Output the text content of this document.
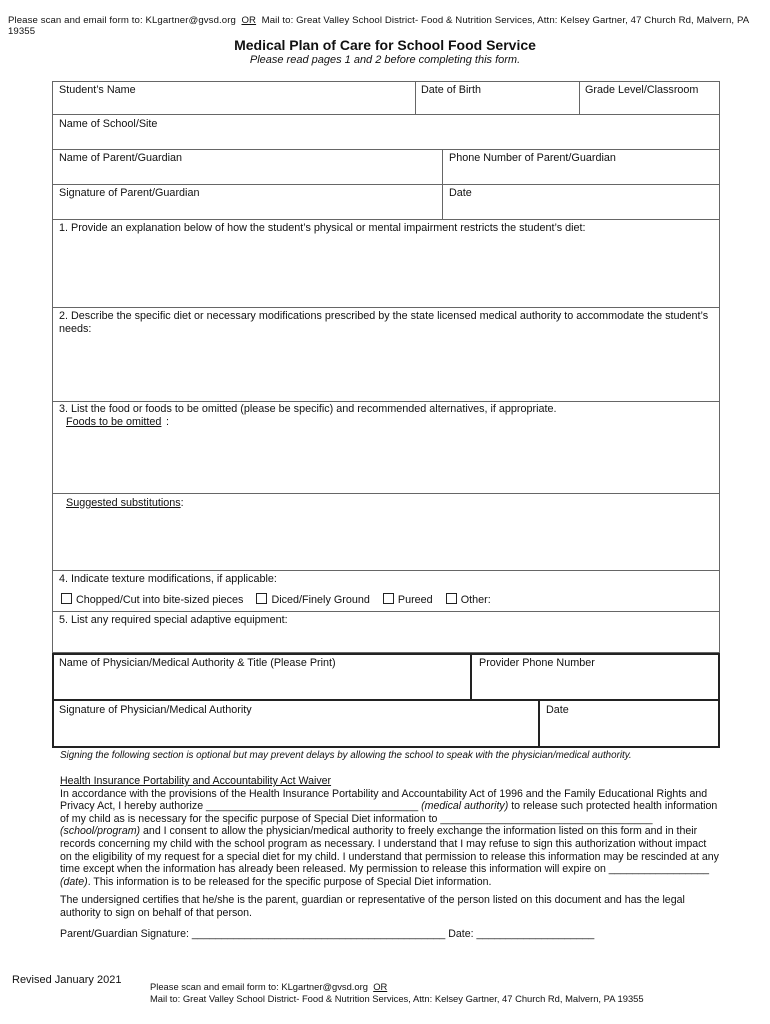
Please scan and email form to: KLgartner@gvsd.org OR Mail to: Great Valley School District- Food & Nutrition Services, Attn: Kelsey Gartner, 47 Church Rd, Malvern, PA 19355
Medical Plan of Care for School Food Service
Please read pages 1 and 2 before completing this form.
Student’s Name	Date of Birth	Grade Level/Classroom
Name of School/Site
Name of Parent/Guardian	Phone Number of Parent/Guardian
Signature of Parent/Guardian	Date
1. Provide an explanation below of how the student’s physical or mental impairment restricts the student’s diet:
2. Describe the specific diet or necessary modifications prescribed by the state licensed medical authority to accommodate the student’s needs:
3. List the food or foods to be omitted (please be specific) and recommended alternatives, if appropriate.
Foods to be omitted :
Suggested substitutions:
4. Indicate texture modifications, if applicable:
Chopped/Cut into bite-sized pieces	Diced/Finely Ground	Pureed	Other:
5. List any required special adaptive equipment:
Name of Physician/Medical Authority & Title (Please Print)	Provider Phone Number
Signature of Physician/Medical Authority	Date
Signing the following section is optional but may prevent delays by allowing the school to speak with the physician/medical authority.

Health Insurance Portability and Accountability Act Waiver

In accordance with the provisions of the Health Insurance Portability and Accountability Act of 1996 and the Family Educational Rights and Privacy Act, I hereby authorize ____________________________________ (medical authority) to release such protected health information of my child as is necessary for the specific purpose of Special Diet information to ____________________________________ (school/program) and I consent to allow the physician/medical authority to freely exchange the information listed on this form and in their records concerning my child with the school program as necessary. I understand that I may refuse to sign this authorization without impact on the eligibility of my request for a special diet for my child. I understand that permission to release this information may be rescinded at any time except when the information has already been released. My permission to release this information will expire on _________________ (date). This information is to be released for the specific purpose of Special Diet information.

The undersigned certifies that he/she is the parent, guardian or representative of the person listed on this document and has the legal authority to sign on behalf of that person.

Parent/Guardian Signature: ___________________________________________ Date: ____________________

Revised January 2021
Please scan and email form to: KLgartner@gvsd.org OR
Mail to: Great Valley School District- Food & Nutrition Services, Attn: Kelsey Gartner, 47 Church Rd, Malvern, PA 19355
